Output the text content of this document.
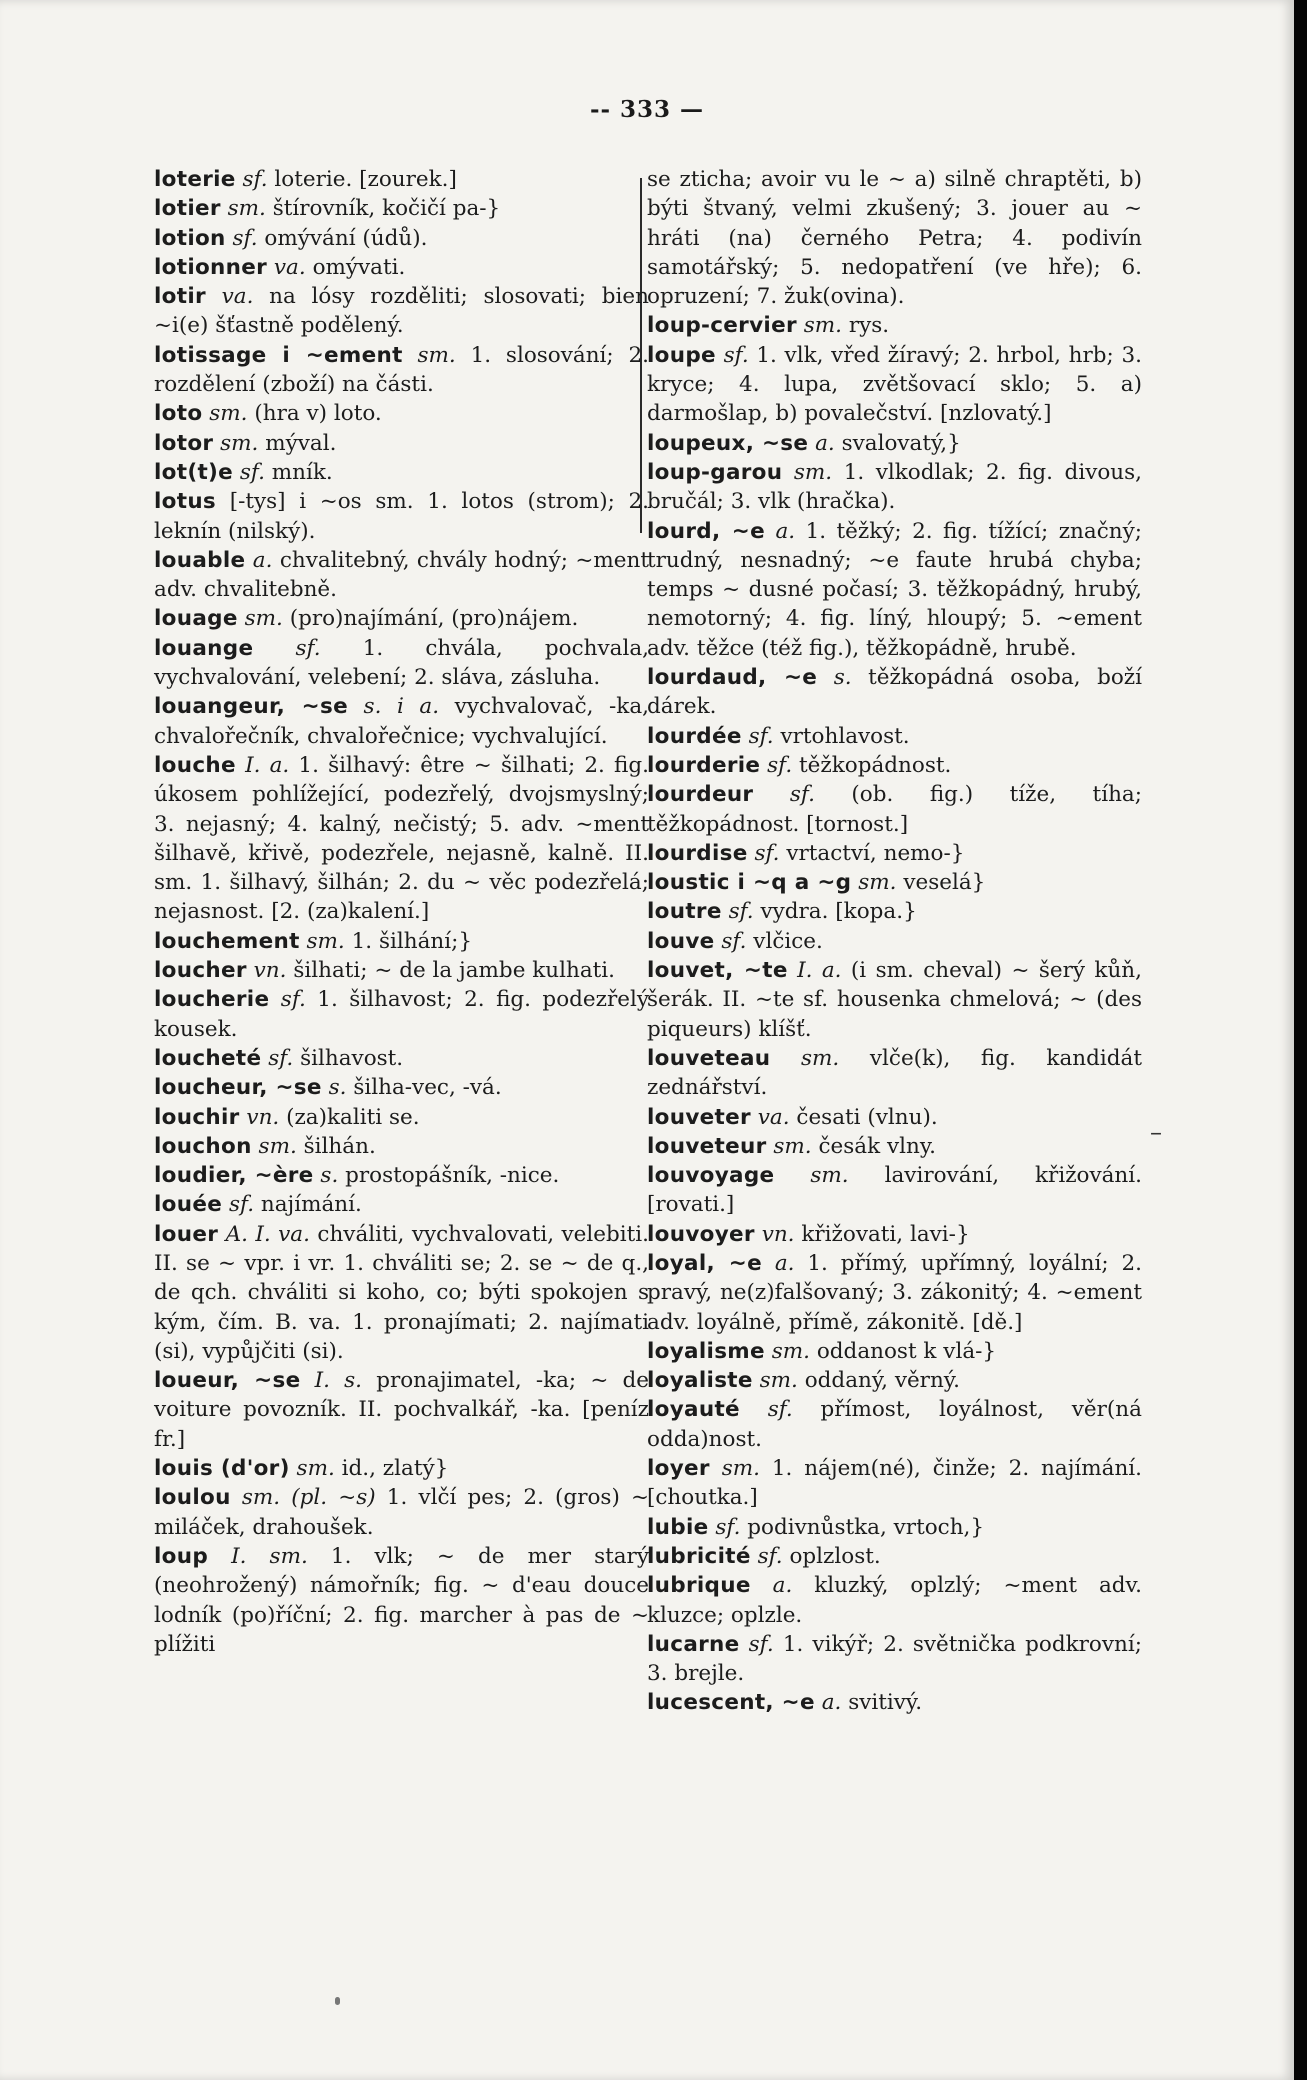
-- 333 —

loterie sf. loterie. [zourek.]

lotier sm. štírovník, kočičí pa-}

lotion sf. omývání (údů).

lotionner va. omývati.

lotir va. na lósy rozděliti; slosovati; bien ~i(e) šťastně podělený.

lotissage i ~ement sm. 1. slosování; 2. rozdělení (zboží) na části.

loto sm. (hra v) loto.

lotor sm. mýval.

lot(t)e sf. mník.

lotus [-tys] i ~os sm. 1. lotos (strom); 2. leknín (nilský).

louable a. chvalitebný, chvály hodný; ~ment adv. chvalitebně.

louage sm. (pro)najímání, (pro)nájem.

louange sf. 1. chvála, pochvala, vychvalování, velebení; 2. sláva, zásluha.

louangeur, ~se s. i a. vychvalovač, -ka, chvalořečník, chvalořečnice; vychvalující.

louche I. a. 1. šilhavý: être ~ šilhati; 2. fig. úkosem pohlížející, podezřelý, dvojsmyslný; 3. nejasný; 4. kalný, nečistý; 5. adv. ~ment šilhavě, křivě, podezřele, nejasně, kalně. II. sm. 1. šilhavý, šilhán; 2. du ~ věc podezřelá; nejasnost. [2. (za)kalení.]

louchement sm. 1. šilhání;}

loucher vn. šilhati; ~ de la jambe kulhati.

loucherie sf. 1. šilhavost; 2. fig. podezřelý kousek.

loucheté sf. šilhavost.

loucheur, ~se s. šilha-vec, -vá.

louchir vn. (za)kaliti se.

louchon sm. šilhán.

loudier, ~ère s. prostopášník, -nice.

louée sf. najímání.

louer A. I. va. chváliti, vychvalovati, velebiti. II. se ~ vpr. i vr. 1. chváliti se; 2. se ~ de q., de qch. chváliti si koho, co; býti spokojen s kým, čím. B. va. 1. pronajímati; 2. najímati (si), vypůjčiti (si).

loueur, ~se I. s. pronajimatel, -ka; ~ de voiture povozník. II. pochvalkář, -ka. [peníz fr.]

louis (d'or) sm. id., zlatý}

loulou sm. (pl. ~s) 1. vlčí pes; 2. (gros) ~ miláček, drahoušek.

loup I. sm. 1. vlk; ~ de mer starý (neohrožený) námořník; fig. ~ d'eau douce lodník (po)říční; 2. fig. marcher à pas de ~ plížiti

se zticha; avoir vu le ~ a) silně chraptěti, b) býti štvaný, velmi zkušený; 3. jouer au ~ hráti (na) černého Petra; 4. podivín samotářský; 5. nedopatření (ve hře); 6. opruzení; 7. žuk(ovina).

loup-cervier sm. rys.

loupe sf. 1. vlk, vřed žíravý; 2. hrbol, hrb; 3. kryce; 4. lupa, zvětšovací sklo; 5. a) darmošlap, b) povalečství. [nzlovatý.]

loupeux, ~se a. svalovatý,}

loup-garou sm. 1. vlkodlak; 2. fig. divous, bručál; 3. vlk (hračka).

lourd, ~e a. 1. těžký; 2. fig. tížící; značný; trudný, nesnadný; ~e faute hrubá chyba; temps ~ dusné počasí; 3. těžkopádný, hrubý, nemotorný; 4. fig. líný, hloupý; 5. ~ement adv. těžce (též fig.), těžkopádně, hrubě.

lourdaud, ~e s. těžkopádná osoba, boží dárek.

lourdée sf. vrtohlavost.

lourderie sf. těžkopádnost.

lourdeur sf. (ob. fig.) tíže, tíha; těžkopádnost. [tornost.]

lourdise sf. vrtactví, nemo-}

loustic i ~q a ~g sm. veselá}

loutre sf. vydra. [kopa.}

louve sf. vlčice.

louvet, ~te I. a. (i sm. cheval) ~ šerý kůň, šerák. II. ~te sf. housenka chmelová; ~ (des piqueurs) klíšť.

louveteau sm. vlče(k), fig. kandidát zednářství.

louveter va. česati (vlnu).

louveteur sm. česák vlny.

louvoyage sm. lavirování, křižování. [rovati.]

louvoyer vn. křižovati, lavi-}

loyal, ~e a. 1. přímý, upřímný, loyální; 2. pravý, ne(z)falšovaný; 3. zákonitý; 4. ~ement adv. loyálně, přímě, zákonitě. [dě.]

loyalisme sm. oddanost k vlá-}

loyaliste sm. oddaný, věrný.

loyauté sf. přímost, loyálnost, věr(ná odda)nost.

loyer sm. 1. nájem(né), činže; 2. najímání. [choutka.]

lubie sf. podivnůstka, vrtoch,}

lubricité sf. oplzlost.

lubrique a. kluzký, oplzlý; ~ment adv. kluzce; oplzle.

lucarne sf. 1. vikýř; 2. světnička podkrovní; 3. brejle.

lucescent, ~e a. svitivý.

–
